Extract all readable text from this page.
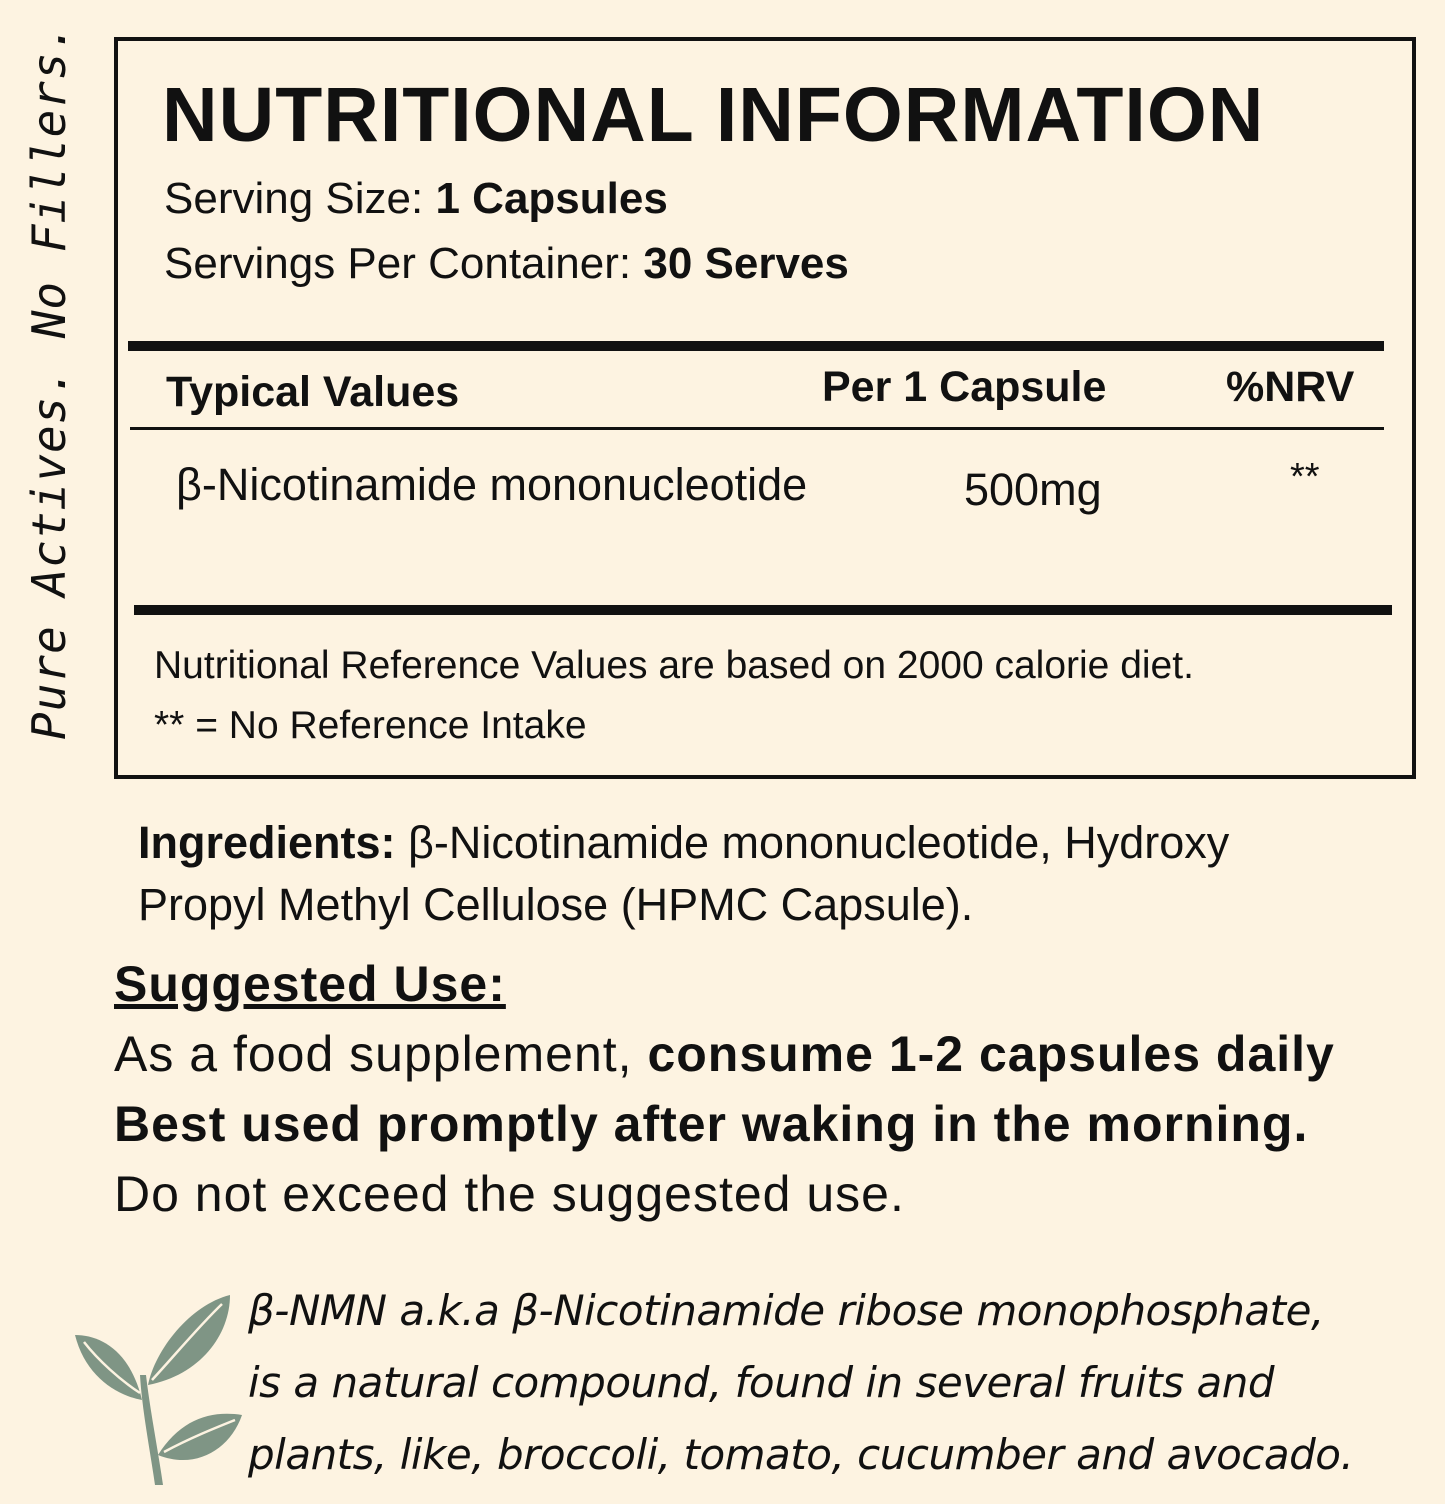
Pure Actives. No Fillers. NUTRITIONAL INFORMATION
Serving Size: 1 Capsules
Servings Per Container: 30 Serves
Typical Values	Per 1 Capsule	%NRV
β-Nicotinamide mononucleotide	500mg	**
Nutritional Reference Values are based on 2000 calorie diet.
** = No Reference Intake
Ingredients: β-Nicotinamide mononucleotide, Hydroxy
Propyl Methyl Cellulose (HPMC Capsule).
Suggested Use:
As a food supplement, consume 1-2 capsules daily
Best used promptly after waking in the morning.
Do not exceed the suggested use.
β-NMN a.k.a β-Nicotinamide ribose monophosphate,
is a natural compound, found in several fruits and
plants, like, broccoli, tomato, cucumber and avocado.
